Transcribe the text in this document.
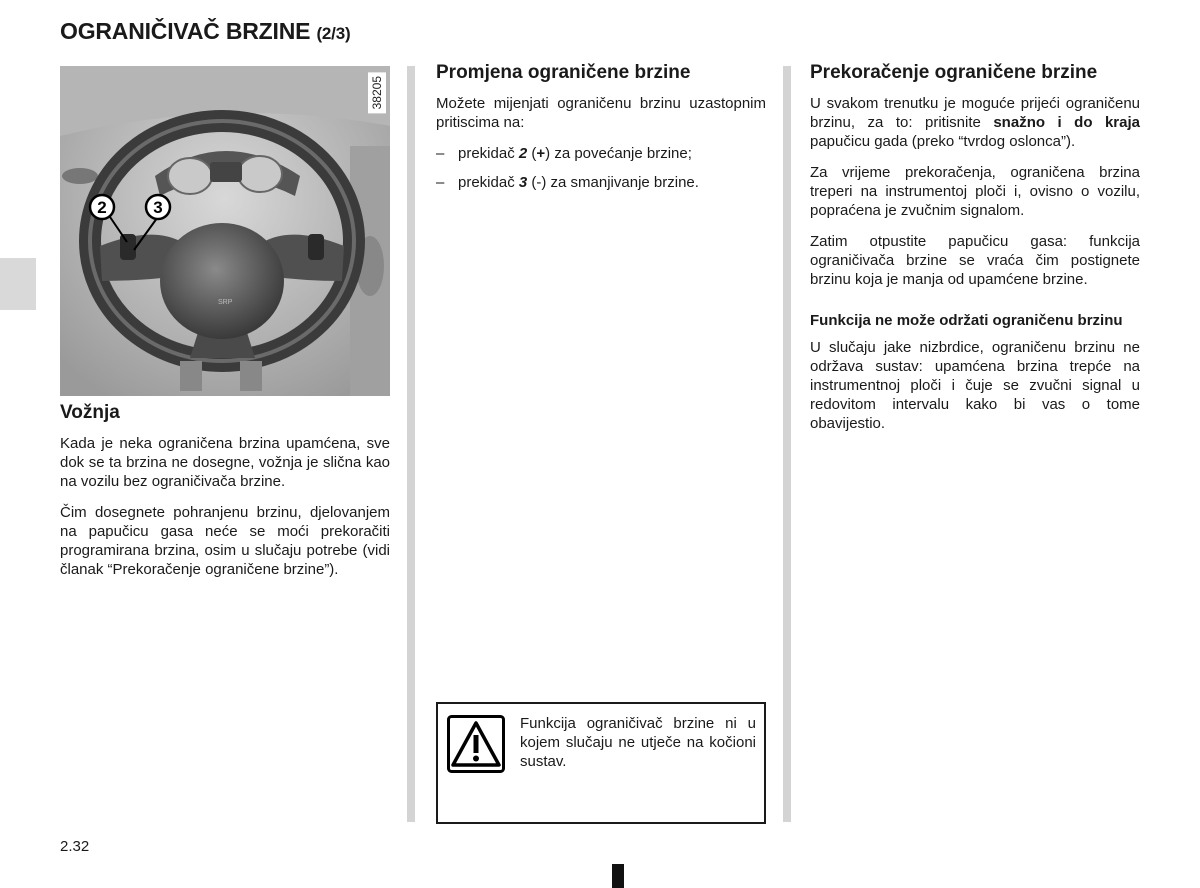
OGRANIČIVAČ BRZINE (2/3)
SRP
2	3
38205
Vožnja

Kada je neka ograničena brzina upamćena, sve dok se ta brzina ne dosegne, vožnja je slična kao na vozilu bez ograničivača brzine.

Čim dosegnete pohranjenu brzinu, djelovanjem na papučicu gasa neće se moći prekoračiti programirana brzina, osim u slučaju potrebe (vidi članak “Prekoračenje ograničene brzine”).

Promjena ograničene brzine

Možete mijenjati ograničenu brzinu uzastopnim pritiscima na:

– prekidač 2 (+) za povećanje brzine;
– prekidač 3 (-) za smanjivanje brzine.
Funkcija ograničivač brzine ni u kojem slučaju ne utječe na kočioni sustav.
Prekoračenje ograničene brzine

U svakom trenutku je moguće prijeći ograničenu brzinu, za to: pritisnite snažno i do kraja papučicu gada (preko “tvrdog oslonca”).

Za vrijeme prekoračenja, ograničena brzina treperi na instrumentoj ploči i, ovisno o vozilu, popraćena je zvučnim signalom.

Zatim otpustite papučicu gasa: funkcija ograničivača brzine se vraća čim postignete brzinu koja je manja od upamćene brzine.

Funkcija ne može održati ograničenu brzinu

U slučaju jake nizbrdice, ograničenu brzinu ne održava sustav: upamćena brzina trepće na instrumentnoj ploči i čuje se zvučni signal u redovitom intervalu kako bi vas o tome obavijestio.

2.32
